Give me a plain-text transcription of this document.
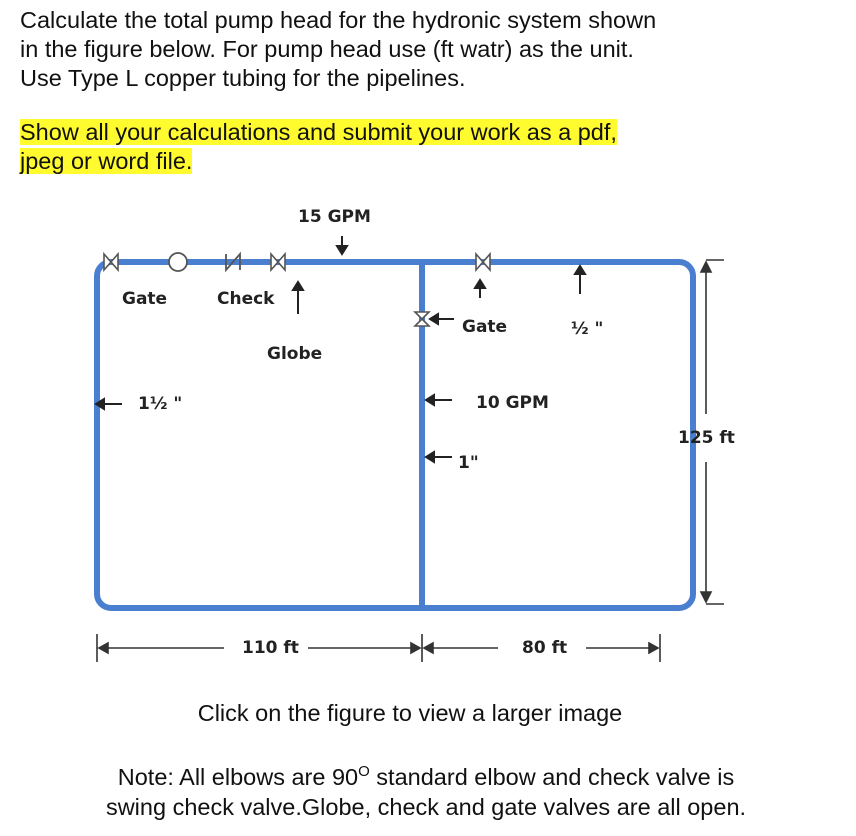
Calculate the total pump head for the hydronic system shown
in the figure below. For pump head use (ft watr) as the unit.
Use Type L copper tubing for the pipelines.
Show all your calculations and submit your work as a pdf,
jpeg or word file.
15 GPM
Gate	Check
Globe
Gate	½ "
1½ "	10 GPM
1"
125 ft
110 ft	80 ft
Click on the figure to view a larger image
Note: All elbows are $90^O$ standard elbow and check valve is
swing check valve.Globe, check and gate valves are all open.
